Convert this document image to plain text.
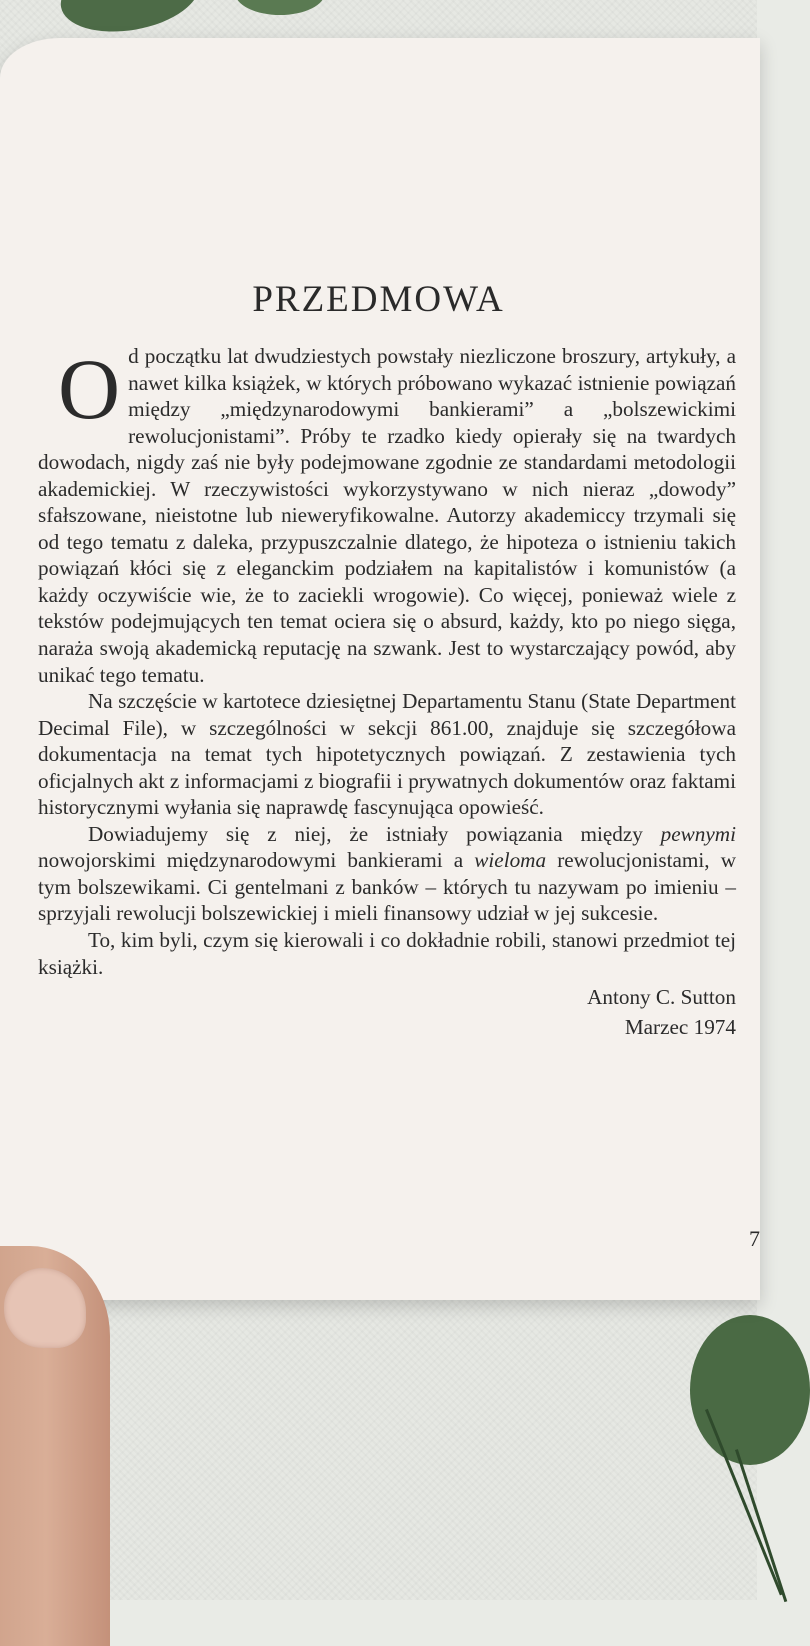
PRZEDMOWA

Od początku lat dwudziestych powstały niezliczone broszury, artykuły, a nawet kilka książek, w których próbowano wykazać istnienie powiązań między „międzynarodowymi bankierami” a „bolszewickimi rewolucjonistami”. Próby te rzadko kiedy opierały się na twardych dowodach, nigdy zaś nie były podejmowane zgodnie ze standardami metodologii akademickiej. W rzeczywistości wykorzystywano w nich nieraz „dowody” sfałszowane, nieistotne lub nieweryfikowalne. Autorzy akademiccy trzymali się od tego tematu z daleka, przypuszczalnie dlatego, że hipoteza o istnieniu takich powiązań kłóci się z eleganckim podziałem na kapitalistów i komunistów (a każdy oczywiście wie, że to zaciekli wrogowie). Co więcej, ponieważ wiele z tekstów podejmujących ten temat ociera się o absurd, każdy, kto po niego sięga, naraża swoją akademicką reputację na szwank. Jest to wystarczający powód, aby unikać tego tematu.

Na szczęście w kartotece dziesiętnej Departamentu Stanu (State Department Decimal File), w szczególności w sekcji 861.00, znajduje się szczegółowa dokumentacja na temat tych hipotetycznych powiązań. Z zestawienia tych oficjalnych akt z informacjami z biografii i prywatnych dokumentów oraz faktami historycznymi wyłania się naprawdę fascynująca opowieść.

Dowiadujemy się z niej, że istniały powiązania między pewnymi nowojorskimi międzynarodowymi bankierami a wieloma rewolucjonistami, w tym bolszewikami. Ci gentelmani z banków – których tu nazywam po imieniu – sprzyjali rewolucji bolszewickiej i mieli finansowy udział w jej sukcesie.

To, kim byli, czym się kierowali i co dokładnie robili, stanowi przedmiot tej książki.

Antony C. Sutton

Marzec 1974

7
